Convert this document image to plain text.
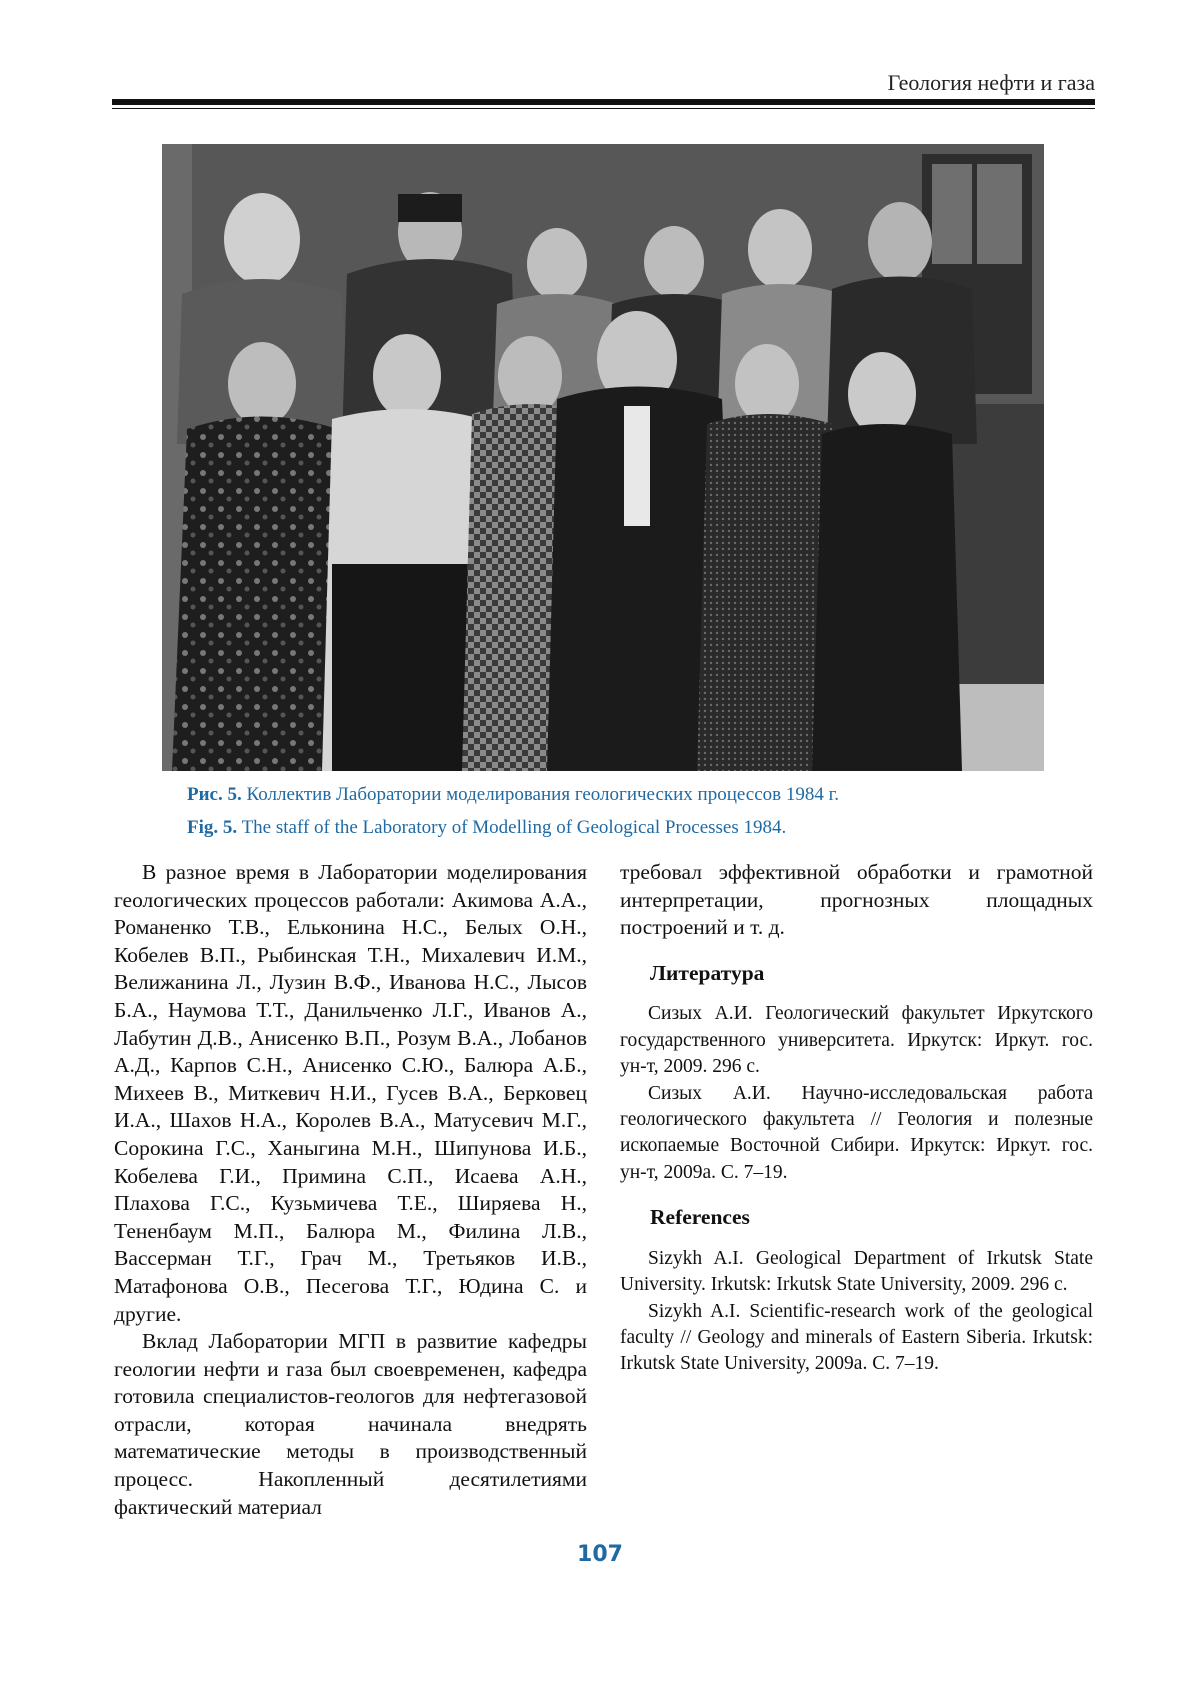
Геология нефти и газа
Рис. 5. Коллектив Лаборатории моделирования геологических процессов 1984 г.
Fig. 5. The staff of the Laboratory of Modelling of Geological Processes 1984.

В разное время в Лаборатории моделирования геологических процессов работали: Акимова А.А., Романенко Т.В., Ельконина Н.С., Белых О.Н., Кобелев В.П., Рыбинская Т.Н., Михалевич И.М., Велижанина Л., Лузин В.Ф., Иванова Н.С., Лысов Б.А., Наумова Т.Т., Данильченко Л.Г., Иванов А., Лабутин Д.В., Анисенко В.П., Розум В.А., Лобанов А.Д., Карпов С.Н., Анисенко С.Ю., Балюра А.Б., Михеев В., Миткевич Н.И., Гусев В.А., Берковец И.А., Шахов Н.А., Королев В.А., Матусевич М.Г., Сорокина Г.С., Ханыгина М.Н., Шипунова И.Б., Кобелева Г.И., Примина С.П., Исаева А.Н., Плахова Г.С., Кузьмичева Т.Е., Ширяева Н., Тененбаум М.П., Балюра М., Филина Л.В., Вассерман Т.Г., Грач М., Третьяков И.В., Матафонова О.В., Песегова Т.Г., Юдина С. и другие.

Вклад Лаборатории МГП в развитие кафедры геологии нефти и газа был своевременен, кафедра готовила специалистов-геологов для нефтегазовой отрасли, которая начинала внедрять математические методы в производственный процесс. Накопленный десятилетиями фактический материал

требовал эффективной обработки и грамотной интерпретации, прогнозных площадных построений и т. д.

Литература

Сизых А.И. Геологический факультет Иркутского государственного университета. Иркутск: Иркут. гос. ун-т, 2009. 296 с.

Сизых А.И. Научно-исследовальская работа геологического факультета // Геология и полезные ископаемые Восточной Сибири. Иркутск: Иркут. гос. ун-т, 2009а. С. 7–19.

References

Sizykh A.I. Geological Department of Irkutsk State University. Irkutsk: Irkutsk State University, 2009. 296 c.

Sizykh A.I. Scientific-research work of the geological faculty // Geology and minerals of Eastern Siberia. Irkutsk: Irkutsk State University, 2009a. С. 7–19.

107
